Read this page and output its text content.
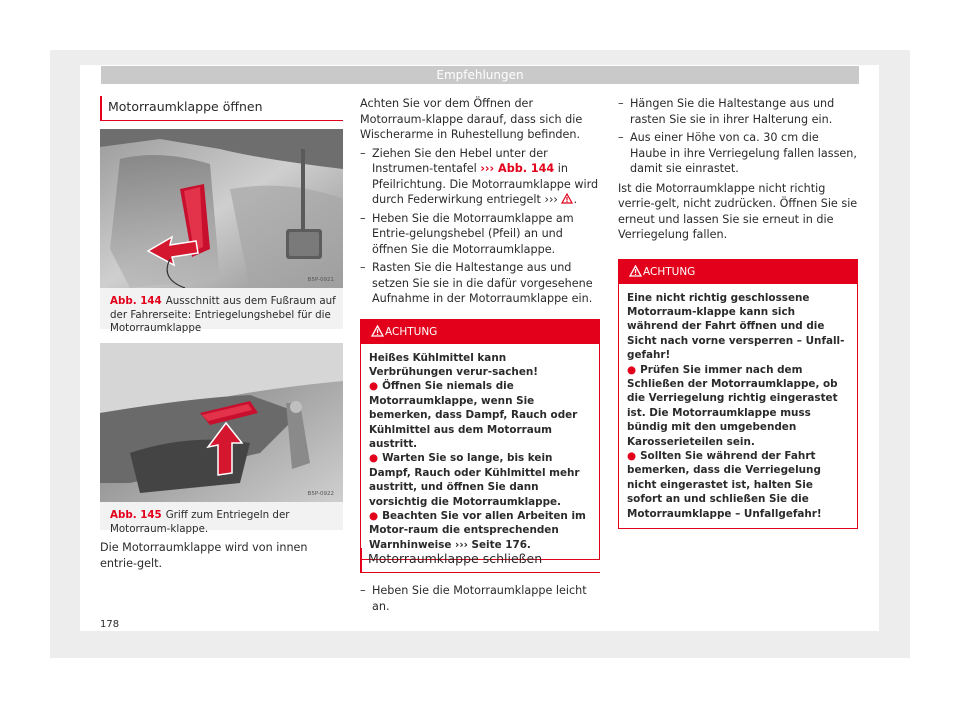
Empfehlungen
Motorraumklappe öffnen
B5P-0921
Abb. 144 Ausschnitt aus dem Fußraum auf der Fahrerseite: Entriegelungshebel für die Motorraumklappe
B5P-0922
Abb. 145 Griff zum Entriegeln der Motorraum-klappe.

Die Motorraumklappe wird von innen entrie-gelt.

Achten Sie vor dem Öffnen der Motorraum-klappe darauf, dass sich die Wischerarme in Ruhestellung befinden.

– Ziehen Sie den Hebel unter der Instrumen-tentafel ››› Abb. 144 in Pfeilrichtung. Die Motorraumklappe wird durch Federwirkung entriegelt ››› .
– Heben Sie die Motorraumklappe am Entrie-gelungshebel (Pfeil) an und öffnen Sie die Motorraumklappe.
– Rasten Sie die Haltestange aus und setzen Sie sie in die dafür vorgesehene Aufnahme in der Motorraumklappe ein.
ACHTUNG
Heißes Kühlmittel kann Verbrühungen verur-sachen!
● Öffnen Sie niemals die Motorraumklappe, wenn Sie bemerken, dass Dampf, Rauch oder Kühlmittel aus dem Motorraum austritt.
● Warten Sie so lange, bis kein Dampf, Rauch oder Kühlmittel mehr austritt, und öffnen Sie dann vorsichtig die Motorraumklappe.
● Beachten Sie vor allen Arbeiten im Motor-raum die entsprechenden Warnhinweise ››› Seite 176.
Motorraumklappe schließen
– Heben Sie die Motorraumklappe leicht an.
– Hängen Sie die Haltestange aus und rasten Sie sie in ihrer Halterung ein.
– Aus einer Höhe von ca. 30 cm die Haube in ihre Verriegelung fallen lassen, damit sie einrastet.

Ist die Motorraumklappe nicht richtig verrie-gelt, nicht zudrücken. Öffnen Sie sie erneut und lassen Sie sie erneut in die Verriegelung fallen.

ACHTUNG
Eine nicht richtig geschlossene Motorraum-klappe kann sich während der Fahrt öffnen und die Sicht nach vorne versperren – Unfall-gefahr!
● Prüfen Sie immer nach dem Schließen der Motorraumklappe, ob die Verriegelung richtig eingerastet ist. Die Motorraumklappe muss bündig mit den umgebenden Karosserieteilen sein.
● Sollten Sie während der Fahrt bemerken, dass die Verriegelung nicht eingerastet ist, halten Sie sofort an und schließen Sie die Motorraumklappe – Unfallgefahr!
178
